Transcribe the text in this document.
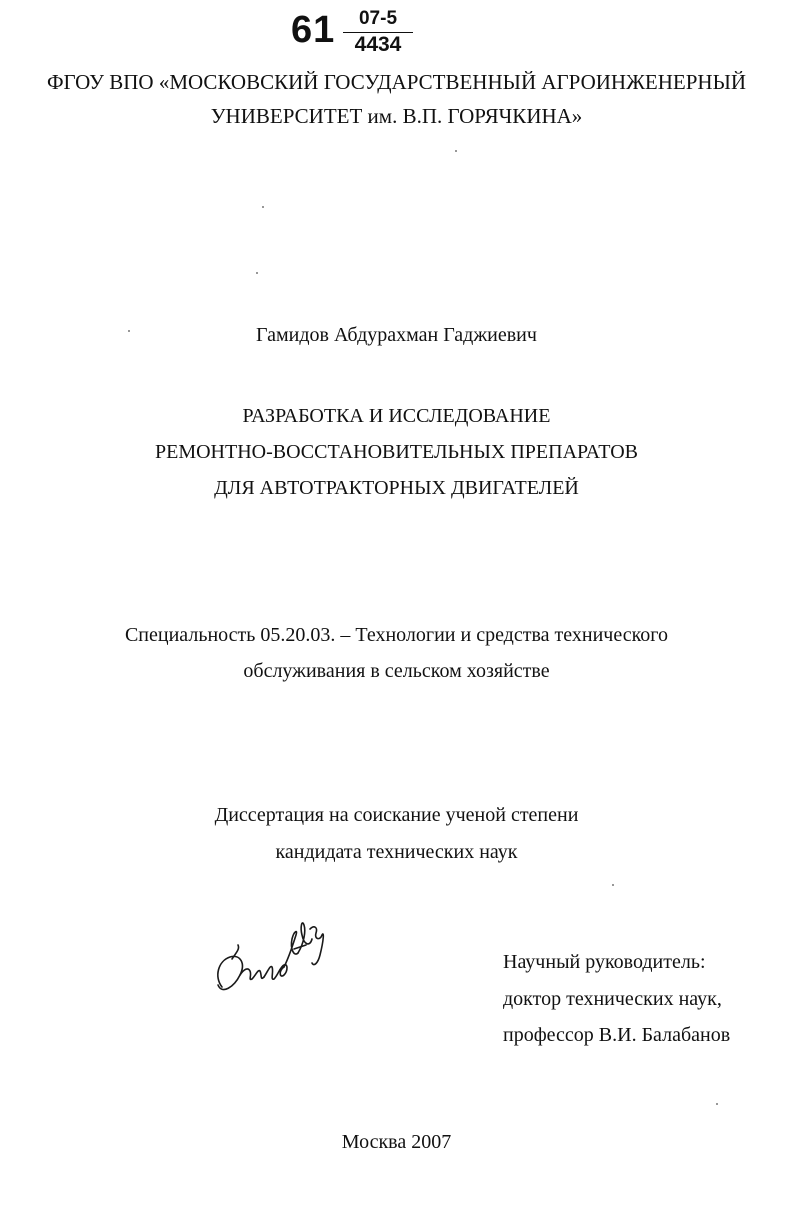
61	07-5
4434
ФГОУ ВПО «МОСКОВСКИЙ ГОСУДАРСТВЕННЫЙ АГРОИНЖЕНЕРНЫЙ
УНИВЕРСИТЕТ им. В.П. ГОРЯЧКИНА»
Гамидов Абдурахман Гаджиевич
РАЗРАБОТКА И ИССЛЕДОВАНИЕ
РЕМОНТНО-ВОССТАНОВИТЕЛЬНЫХ ПРЕПАРАТОВ
ДЛЯ АВТОТРАКТОРНЫХ ДВИГАТЕЛЕЙ
Специальность 05.20.03. – Технологии и средства технического
обслуживания в сельском хозяйстве
Диссертация на соискание ученой степени
кандидата технических наук
Научный руководитель:
доктор технических наук,
профессор В.И. Балабанов
Москва 2007
